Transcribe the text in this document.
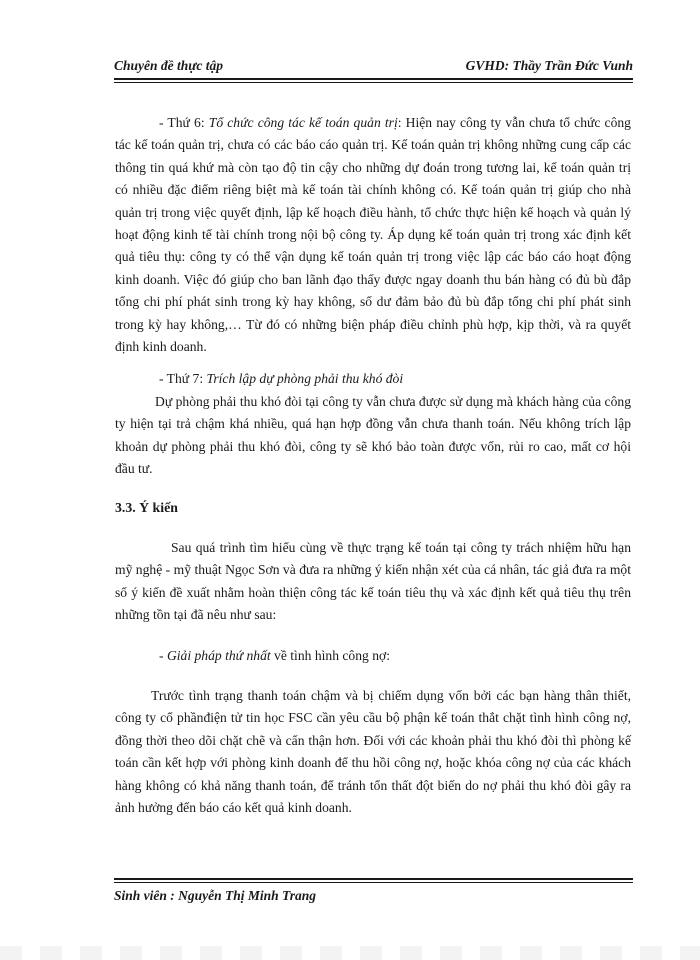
Chuyên đề thực tập	GVHD: Thầy Trần Đức Vunh

- Thứ 6: Tổ chức công tác kế toán quản trị: Hiện nay công ty vẫn chưa tổ chức công tác kế toán quản trị, chưa có các báo cáo quản trị. Kế toán quản trị không những cung cấp các thông tin quá khứ mà còn tạo độ tin cậy cho những dự đoán trong tương lai, kế toán quản trị có nhiều đặc điểm riêng biệt mà kế toán tài chính không có. Kế toán quản trị giúp cho nhà quản trị trong việc quyết định, lập kế hoạch điều hành, tổ chức thực hiện kế hoạch và quản lý hoạt động kinh tế tài chính trong nội bộ công ty. Áp dụng kế toán quản trị trong xác định kết quả tiêu thụ: công ty có thể vận dụng kế toán quản trị trong việc lập các báo cáo hoạt động kinh doanh. Việc đó giúp cho ban lãnh đạo thấy được ngay doanh thu bán hàng có đủ bù đắp tổng chi phí phát sinh trong kỳ hay không, số dư đảm bảo đủ bù đắp tổng chi phí phát sinh trong kỳ hay không,… Từ đó có những biện pháp điều chỉnh phù hợp, kịp thời, và ra quyết định kinh doanh.

- Thứ 7: Trích lập dự phòng phải thu khó đòi

Dự phòng phải thu khó đòi tại công ty vẫn chưa được sử dụng mà khách hàng của công ty hiện tại trả chậm khá nhiều, quá hạn hợp đồng vẫn chưa thanh toán. Nếu không trích lập khoản dự phòng phải thu khó đòi, công ty sẽ khó bảo toàn được vốn, rủi ro cao, mất cơ hội đầu tư.

3.3. Ý kiến

Sau quá trình tìm hiểu cùng về thực trạng kế toán tại công ty trách nhiệm hữu hạn mỹ nghệ - mỹ thuật Ngọc Sơn và đưa ra những ý kiến nhận xét của cá nhân, tác giả đưa ra một số ý kiến đề xuất nhằm hoàn thiện công tác kế toán tiêu thụ và xác định kết quả tiêu thụ trên những tồn tại đã nêu như sau:

- Giải pháp thứ nhất về tình hình công nợ:

Trước tình trạng thanh toán chậm và bị chiếm dụng vốn bởi các bạn hàng thân thiết, công ty cổ phầnđiện tử tin học FSC cần yêu cầu bộ phận kế toán thắt chặt tình hình công nợ, đồng thời theo dõi chặt chẽ và cẩn thận hơn. Đối với các khoản phải thu khó đòi thì phòng kế toán cần kết hợp với phòng kinh doanh để thu hồi công nợ, hoặc khóa công nợ của các khách hàng không có khả năng thanh toán, để tránh tổn thất đột biến do nợ phải thu khó đòi gây ra ảnh hưởng đến báo cáo kết quả kinh doanh.

Sinh viên : Nguyễn Thị Minh Trang
